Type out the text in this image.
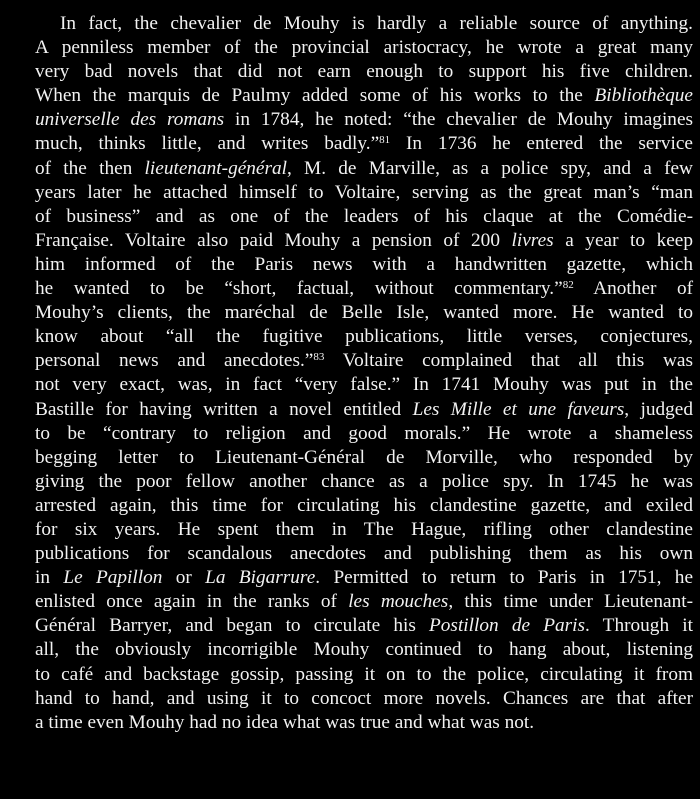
In fact, the chevalier de Mouhy is hardly a reliable source of anything.
A penniless member of the provincial aristocracy, he wrote a great many
very bad novels that did not earn enough to support his five children.
When the marquis de Paulmy added some of his works to the Bibliothèque
universelle des romans in 1784, he noted: “the chevalier de Mouhy imagines
much, thinks little, and writes badly.”$^{81}$ In 1736 he entered the service
of the then lieutenant-général, M. de Marville, as a police spy, and a few
years later he attached himself to Voltaire, serving as the great man’s “man
of business” and as one of the leaders of his claque at the Comédie-
Française. Voltaire also paid Mouhy a pension of 200 livres a year to keep
him informed of the Paris news with a handwritten gazette, which
he wanted to be “short, factual, without commentary.”$^{82}$ Another of
Mouhy’s clients, the maréchal de Belle Isle, wanted more. He wanted to
know about “all the fugitive publications, little verses, conjectures,
personal news and anecdotes.”$^{83}$ Voltaire complained that all this was
not very exact, was, in fact “very false.” In 1741 Mouhy was put in the
Bastille for having written a novel entitled Les Mille et une faveurs, judged
to be “contrary to religion and good morals.” He wrote a shameless
begging letter to Lieutenant-Général de Morville, who responded by
giving the poor fellow another chance as a police spy. In 1745 he was
arrested again, this time for circulating his clandestine gazette, and exiled
for six years. He spent them in The Hague, rifling other clandestine
publications for scandalous anecdotes and publishing them as his own
in Le Papillon or La Bigarrure. Permitted to return to Paris in 1751, he
enlisted once again in the ranks of les mouches, this time under Lieutenant-
Général Barryer, and began to circulate his Postillon de Paris. Through it
all, the obviously incorrigible Mouhy continued to hang about, listening
to café and backstage gossip, passing it on to the police, circulating it from
hand to hand, and using it to concoct more novels. Chances are that after
a time even Mouhy had no idea what was true and what was not.
